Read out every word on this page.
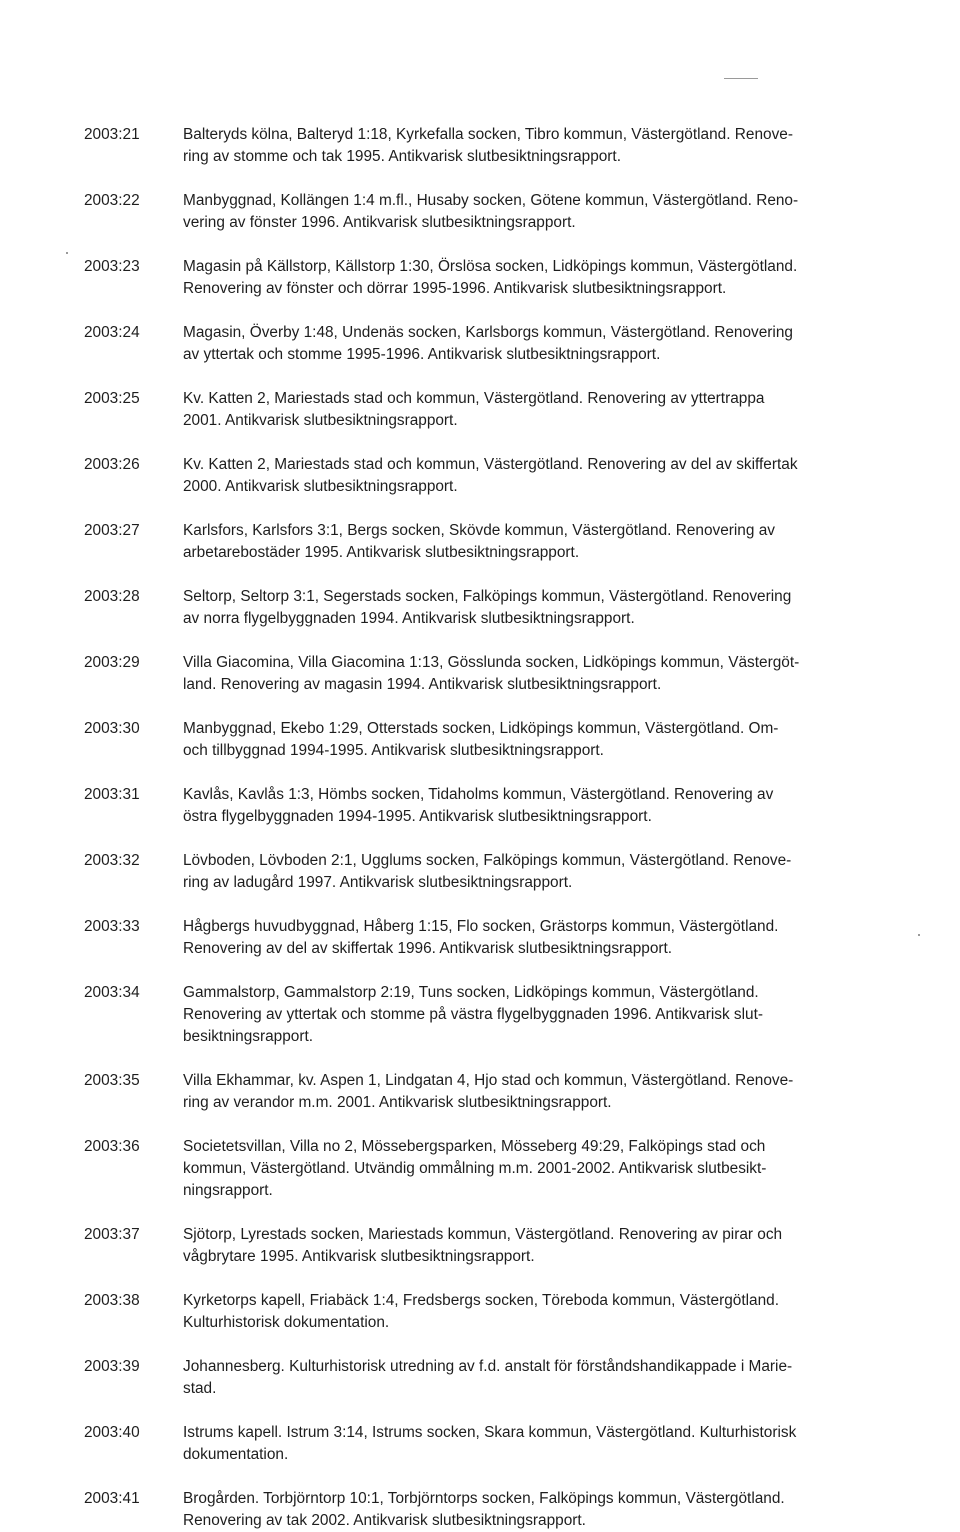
2003:21	Balteryds kölna, Balteryd 1:18, Kyrkefalla socken, Tibro kommun, Västergötland. Renove-
ring av stomme och tak 1995. Antikvarisk slutbesiktningsrapport.
2003:22	Manbyggnad, Kollängen 1:4 m.fl., Husaby socken, Götene kommun, Västergötland. Reno-
vering av fönster 1996. Antikvarisk slutbesiktningsrapport.
2003:23	Magasin på Källstorp, Källstorp 1:30, Örslösa socken, Lidköpings kommun, Västergötland.
Renovering av fönster och dörrar 1995-1996. Antikvarisk slutbesiktningsrapport.
2003:24	Magasin, Överby 1:48, Undenäs socken, Karlsborgs kommun, Västergötland. Renovering
av yttertak och stomme 1995-1996. Antikvarisk slutbesiktningsrapport.
2003:25	Kv. Katten 2, Mariestads stad och kommun, Västergötland. Renovering av yttertrappa
2001. Antikvarisk slutbesiktningsrapport.
2003:26	Kv. Katten 2, Mariestads stad och kommun, Västergötland. Renovering av del av skiffertak
2000. Antikvarisk slutbesiktningsrapport.
2003:27	Karlsfors, Karlsfors 3:1, Bergs socken, Skövde kommun, Västergötland. Renovering av
arbetarebostäder 1995. Antikvarisk slutbesiktningsrapport.
2003:28	Seltorp, Seltorp 3:1, Segerstads socken, Falköpings kommun, Västergötland. Renovering
av norra flygelbyggnaden 1994. Antikvarisk slutbesiktningsrapport.
2003:29	Villa Giacomina, Villa Giacomina 1:13, Gösslunda socken, Lidköpings kommun, Västergöt-
land. Renovering av magasin 1994. Antikvarisk slutbesiktningsrapport.
2003:30	Manbyggnad, Ekebo 1:29, Otterstads socken, Lidköpings kommun, Västergötland. Om-
och tillbyggnad 1994-1995. Antikvarisk slutbesiktningsrapport.
2003:31	Kavlås, Kavlås 1:3, Hömbs socken, Tidaholms kommun, Västergötland. Renovering av
östra flygelbyggnaden 1994-1995. Antikvarisk slutbesiktningsrapport.
2003:32	Lövboden, Lövboden 2:1, Ugglums socken, Falköpings kommun, Västergötland. Renove-
ring av ladugård 1997. Antikvarisk slutbesiktningsrapport.
2003:33	Hågbergs huvudbyggnad, Håberg 1:15, Flo socken, Grästorps kommun, Västergötland.
Renovering av del av skiffertak 1996. Antikvarisk slutbesiktningsrapport.
2003:34	Gammalstorp, Gammalstorp 2:19, Tuns socken, Lidköpings kommun, Västergötland.
Renovering av yttertak och stomme på västra flygelbyggnaden 1996. Antikvarisk slut-
besiktningsrapport.
2003:35	Villa Ekhammar, kv. Aspen 1, Lindgatan 4, Hjo stad och kommun, Västergötland. Renove-
ring av verandor m.m. 2001. Antikvarisk slutbesiktningsrapport.
2003:36	Societetsvillan, Villa no 2, Mössebergsparken, Mösseberg 49:29, Falköpings stad och
kommun, Västergötland. Utvändig ommålning m.m. 2001-2002. Antikvarisk slutbesikt-
ningsrapport.
2003:37	Sjötorp, Lyrestads socken, Mariestads kommun, Västergötland. Renovering av pirar och
vågbrytare 1995. Antikvarisk slutbesiktningsrapport.
2003:38	Kyrketorps kapell, Friabäck 1:4, Fredsbergs socken, Töreboda kommun, Västergötland.
Kulturhistorisk dokumentation.
2003:39	Johannesberg. Kulturhistorisk utredning av f.d. anstalt för förståndshandikappade i Marie-
stad.
2003:40	Istrums kapell. Istrum 3:14, Istrums socken, Skara kommun, Västergötland. Kulturhistorisk
dokumentation.
2003:41	Brogården. Torbjörntorp 10:1, Torbjörntorps socken, Falköpings kommun, Västergötland.
Renovering av tak 2002. Antikvarisk slutbesiktningsrapport.
